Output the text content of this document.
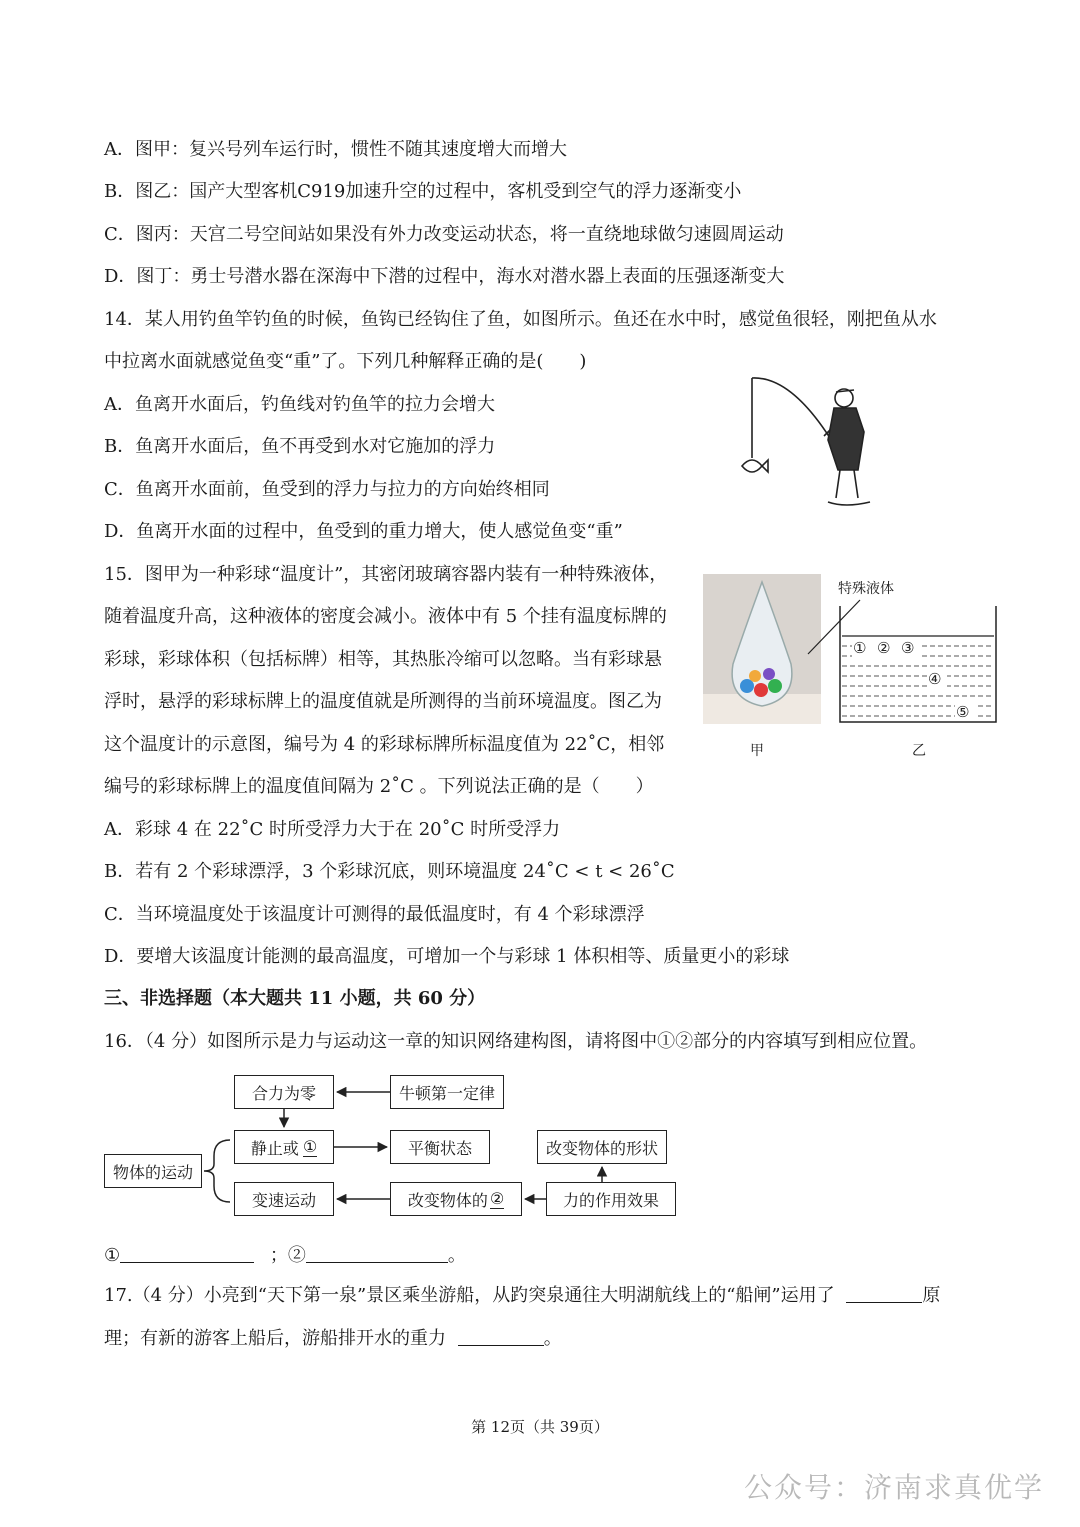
A．图甲：复兴号列车运行时，惯性不随其速度增大而增大
B．图乙：国产大型客机C919加速升空的过程中，客机受到空气的浮力逐渐变小
C．图丙：天宫二号空间站如果没有外力改变运动状态，将一直绕地球做匀速圆周运动
D．图丁：勇士号潜水器在深海中下潜的过程中，海水对潜水器上表面的压强逐渐变大
14．某人用钓鱼竿钓鱼的时候，鱼钩已经钩住了鱼，如图所示。鱼还在水中时，感觉鱼很轻，刚把鱼从水
中拉离水面就感觉鱼变“重”了。下列几种解释正确的是(　　)
A．鱼离开水面后，钓鱼线对钓鱼竿的拉力会增大
B．鱼离开水面后，鱼不再受到水对它施加的浮力
C．鱼离开水面前，鱼受到的浮力与拉力的方向始终相同
D．鱼离开水面的过程中，鱼受到的重力增大，使人感觉鱼变“重”
15．图甲为一种彩球“温度计”，其密闭玻璃容器内装有一种特殊液体，
随着温度升高，这种液体的密度会减小。液体中有 5 个挂有温度标牌的
彩球，彩球体积（包括标牌）相等，其热胀冷缩可以忽略。当有彩球悬
浮时，悬浮的彩球标牌上的温度值就是所测得的当前环境温度。图乙为
这个温度计的示意图，编号为 4 的彩球标牌所标温度值为 22˚C，相邻
编号的彩球标牌上的温度值间隔为 2˚C 。下列说法正确的是（　　）
A．彩球 4 在 22˚C 时所受浮力大于在 20˚C 时所受浮力
B．若有 2 个彩球漂浮，3 个彩球沉底，则环境温度 24˚C < t < 26˚C
C．当环境温度处于该温度计可测得的最低温度时，有 4 个彩球漂浮
D．要增大该温度计能测的最高温度，可增加一个与彩球 1 体积相等、质量更小的彩球
特殊液体
① ② ③
④
⑤
甲	乙
三、非选择题（本大题共 11 小题，共 60 分）
16．（4 分）如图所示是力与运动这一章的知识网络建构图，请将图中①②部分的内容填写到相应位置。
合力为零	牛顿第一定律
静止或 ①	平衡状态	改变物体的形状
物体的运动
变速运动	改变物体的 ②	力的作用效果
①	；②	。
17.（4 分）小亮到“天下第一泉”景区乘坐游船，从趵突泉通往大明湖航线上的“船闸”运用了	原
理；有新的游客上船后，游船排开水的重力	。
第 12页（共 39页）
公众号：济南求真优学
